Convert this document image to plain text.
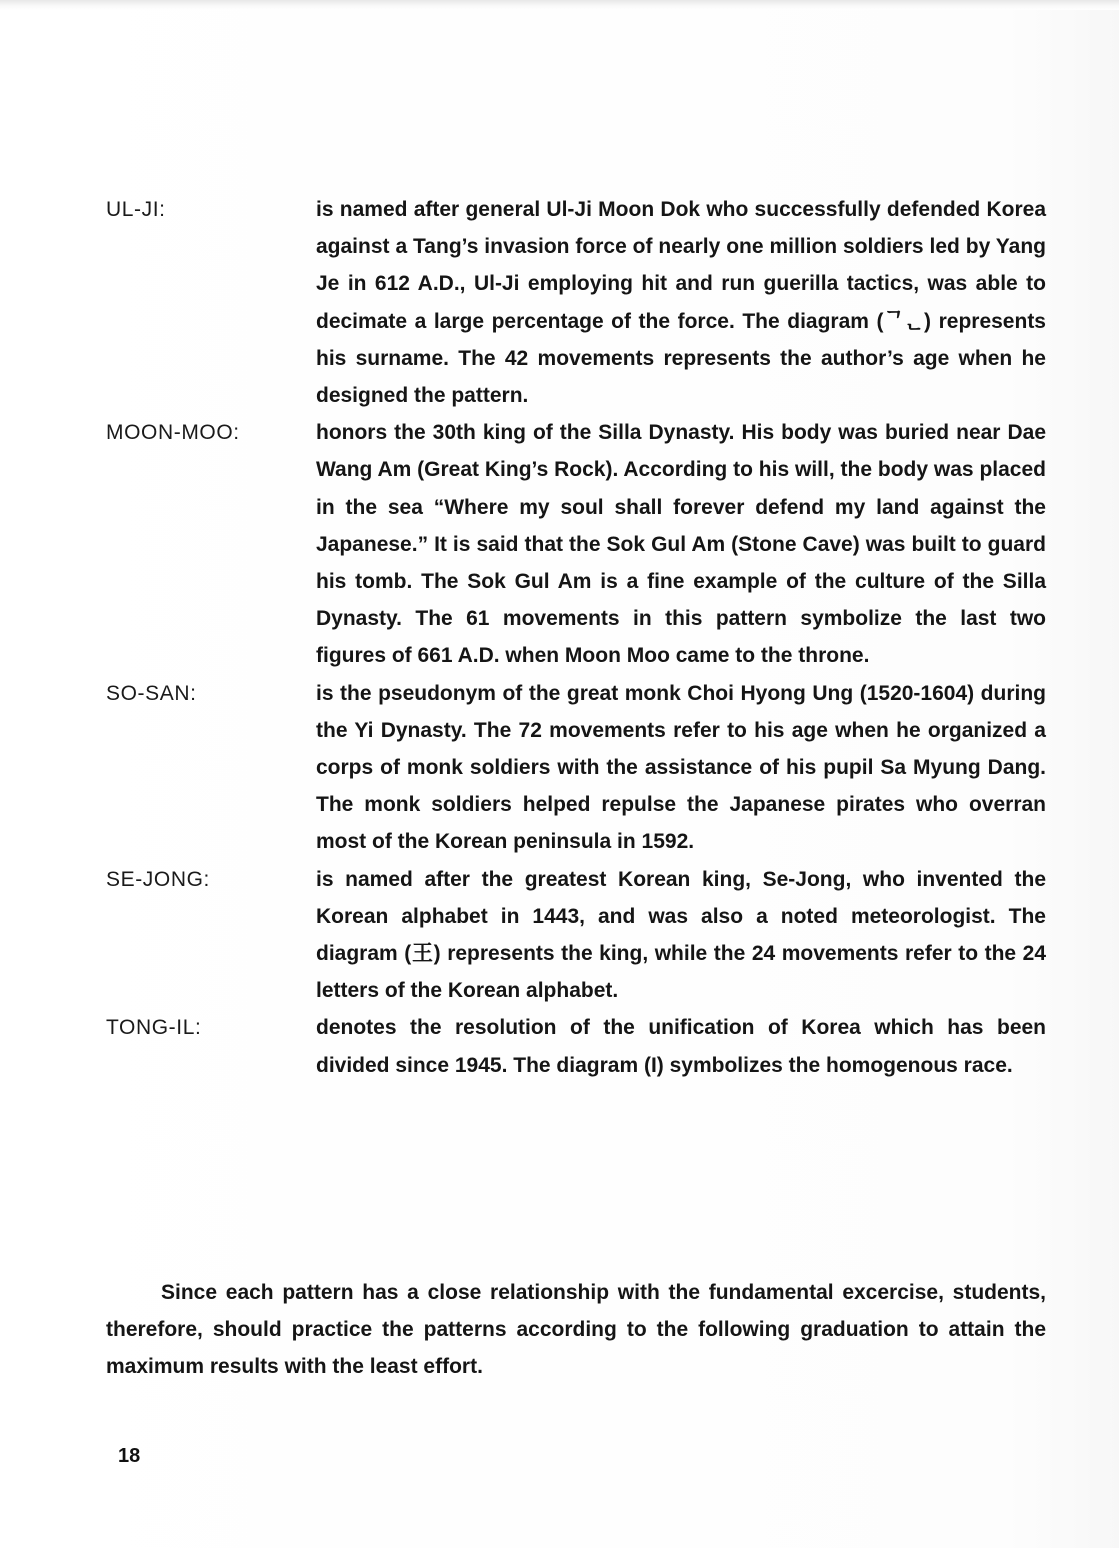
UL-JI:	is named after general Ul-Ji Moon Dok who successfully defended Korea against a Tang’s invasion force of nearly one million soldiers led by Yang Je in 612 A.D., Ul-Ji employing hit and run guerilla tactics, was able to decimate a large percentage of the force. The diagram (ᄀᆫ) represents his surname. The 42 movements represents the author’s age when he designed the pattern.
MOON-MOO:	honors the 30th king of the Silla Dynasty. His body was buried near Dae Wang Am (Great King’s Rock). According to his will, the body was placed in the sea “Where my soul shall forever defend my land against the Japanese.” It is said that the Sok Gul Am (Stone Cave) was built to guard his tomb. The Sok Gul Am is a fine example of the culture of the Silla Dynasty. The 61 movements in this pattern symbolize the last two figures of 661 A.D. when Moon Moo came to the throne.
SO-SAN:	is the pseudonym of the great monk Choi Hyong Ung (1520-1604) during the Yi Dynasty. The 72 movements refer to his age when he organized a corps of monk soldiers with the assistance of his pupil Sa Myung Dang. The monk soldiers helped repulse the Japanese pirates who overran most of the Korean peninsula in 1592.
SE-JONG:	is named after the greatest Korean king, Se-Jong, who invented the Korean alphabet in 1443, and was also a noted meteorologist. The diagram (王) represents the king, while the 24 movements refer to the 24 letters of the Korean alphabet.
TONG-IL:	denotes the resolution of the unification of Korea which has been divided since 1945. The diagram (I) symbolizes the homogenous race.
Since each pattern has a close relationship with the fundamental excercise, students, therefore, should practice the patterns according to the following graduation to attain the maximum results with the least effort.
18
